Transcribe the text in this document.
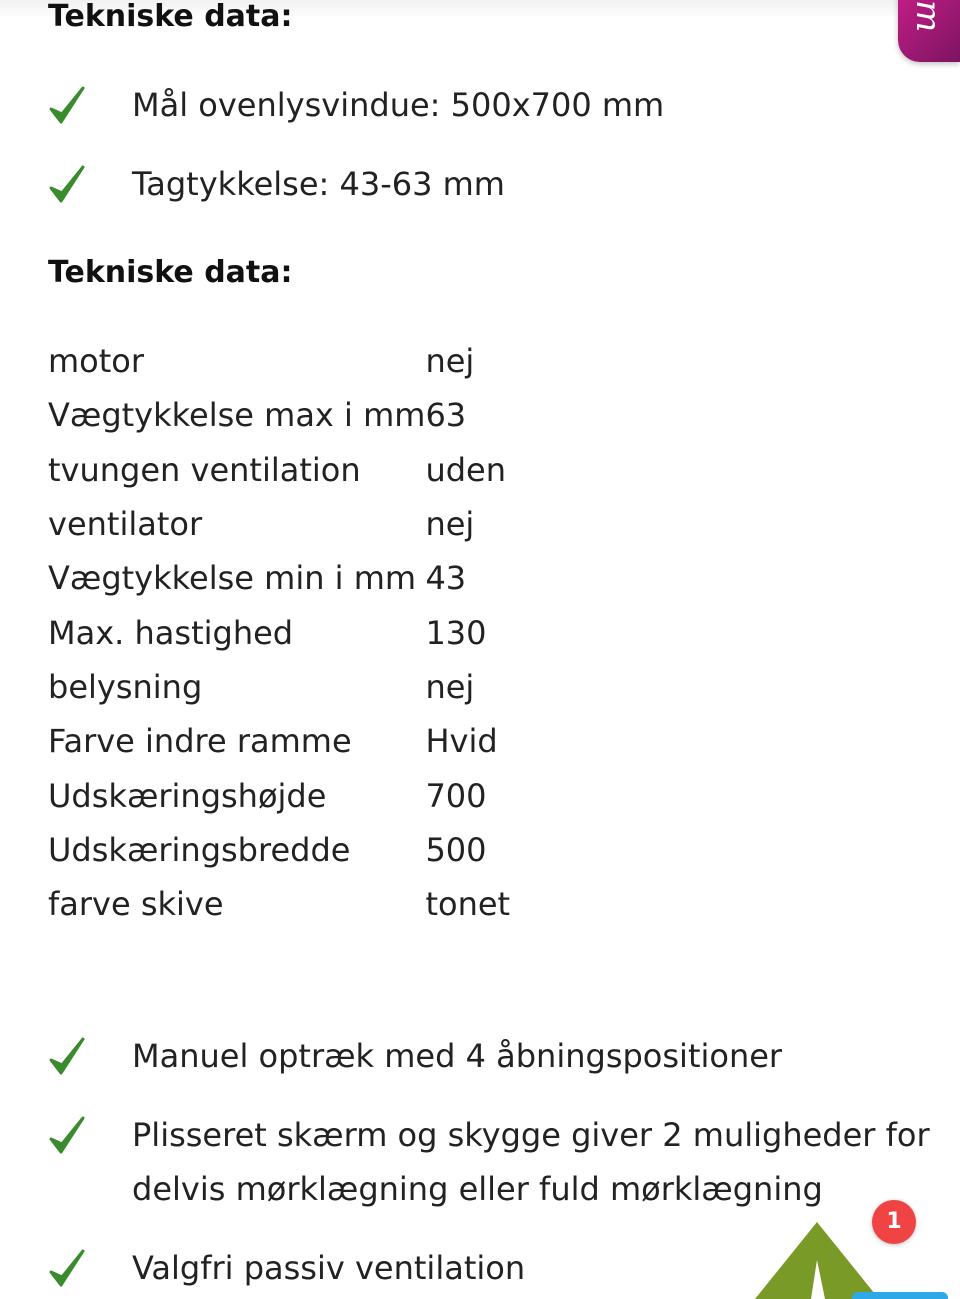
Tekniske data:
Mål ovenlysvindue: 500x700 mm
Tagtykkelse: 43-63 mm
Tekniske data:
motor	nej
Vægtykkelse max i mm	63
tvungen ventilation	uden
ventilator	nej
Vægtykkelse min i mm	43
Max. hastighed	130
belysning	nej
Farve indre ramme	Hvid
Udskæringshøjde	700
Udskæringsbredde	500
farve skive	tonet
Manuel optræk med 4 åbningspositioner
Plisseret skærm og skygge giver 2 muligheder for
delvis mørklægning eller fuld mørklægning
Valgfri passiv ventilation
m
1
